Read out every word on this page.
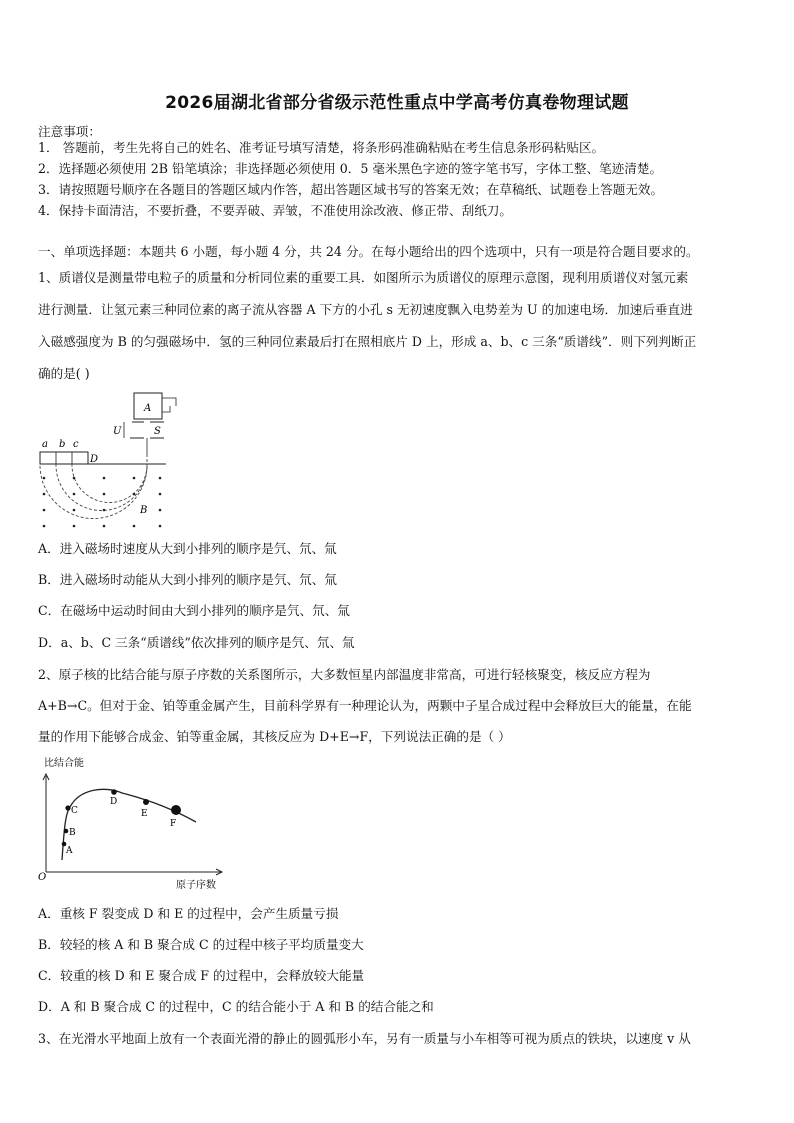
2026届湖北省部分省级示范性重点中学高考仿真卷物理试题
注意事项：
1． 答题前，考生先将自己的姓名、准考证号填写清楚，将条形码准确粘贴在考生信息条形码粘贴区。
2．选择题必须使用 2B 铅笔填涂；非选择题必须使用 0．5 毫米黑色字迹的签字笔书写，字体工整、笔迹清楚。
3．请按照题号顺序在各题目的答题区域内作答，超出答题区域书写的答案无效；在草稿纸、试题卷上答题无效。
4．保持卡面清洁，不要折叠，不要弄破、弄皱，不准使用涂改液、修正带、刮纸刀。
一、单项选择题：本题共 6 小题，每小题 4 分，共 24 分。在每小题给出的四个选项中，只有一项是符合题目要求的。
1、质谱仪是测量带电粒子的质量和分析同位素的重要工具．如图所示为质谱仪的原理示意图，现利用质谱仪对氢元素
进行测量．让氢元素三种同位素的离子流从容器 A 下方的小孔 s 无初速度飘入电势差为 U 的加速电场．加速后垂直进
入磁感强度为 B 的匀强磁场中．氢的三种同位素最后打在照相底片 D 上，形成 a、b、c 三条“质谱线”．则下列判断正
确的是( )
A
U	S
a b c
D
B
A．进入磁场时速度从大到小排列的顺序是氕、氘、氚
B．进入磁场时动能从大到小排列的顺序是氕、氘、氚
C．在磁场中运动时间由大到小排列的顺序是氕、氘、氚
D．a、b、C 三条“质谱线”依次排列的顺序是氕、氘、氚
2、原子核的比结合能与原子序数的关系图所示，大多数恒星内部温度非常高，可进行轻核聚变，核反应方程为
A+B→C。但对于金、铂等重金属产生，目前科学界有一种理论认为，两颗中子星合成过程中会释放巨大的能量，在能
量的作用下能够合成金、铂等重金属，其核反应为 D+E→F，下列说法正确的是（ ）
比结合能
O
原子序数
A
B
C
D
E
F
A．重核 F 裂变成 D 和 E 的过程中，会产生质量亏损
B．较轻的核 A 和 B 聚合成 C 的过程中核子平均质量变大
C．较重的核 D 和 E 聚合成 F 的过程中，会释放较大能量
D．A 和 B 聚合成 C 的过程中，C 的结合能小于 A 和 B 的结合能之和
3、在光滑水平地面上放有一个表面光滑的静止的圆弧形小车，另有一质量与小车相等可视为质点的铁块，以速度 v 从
